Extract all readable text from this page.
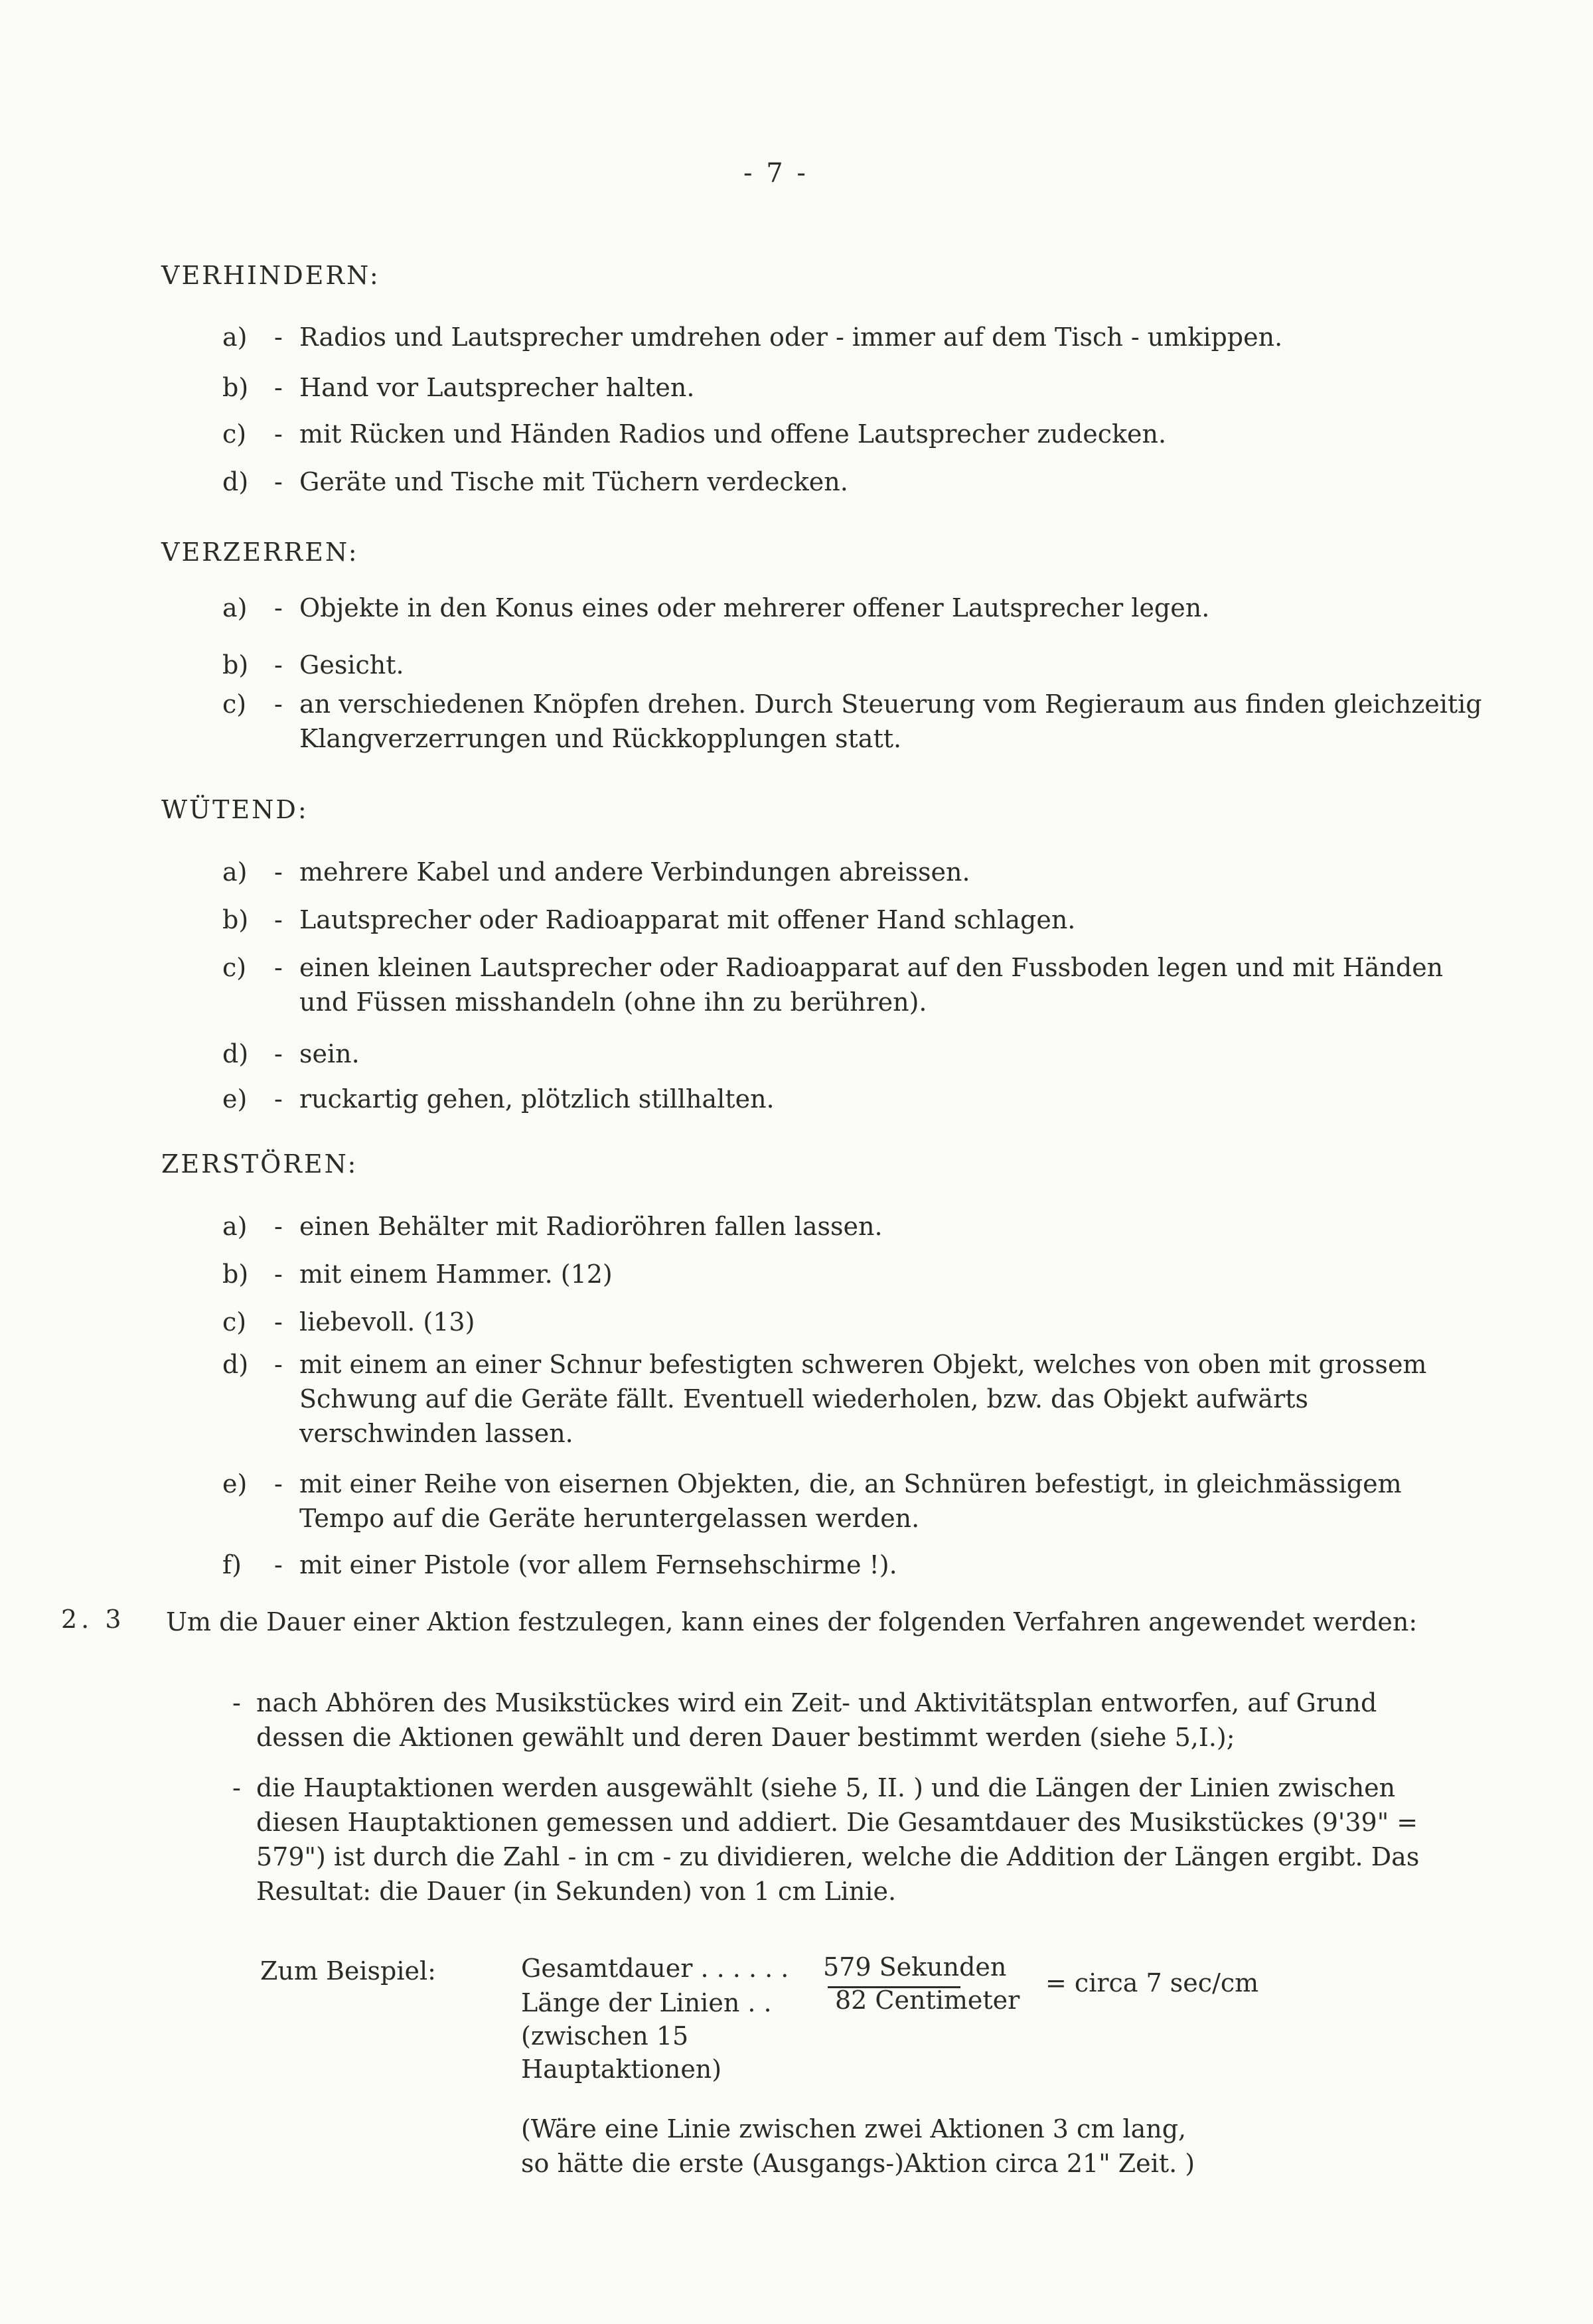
- 7 -
VERHINDERN:
a)	- Radios und Lautsprecher umdrehen oder - immer auf dem Tisch - umkippen.
b)	- Hand vor Lautsprecher halten.
c)	- mit Rücken und Händen Radios und offene Lautsprecher zudecken.
d)	- Geräte und Tische mit Tüchern verdecken.
VERZERREN:
a)	- Objekte in den Konus eines oder mehrerer offener Lautsprecher legen.
b)	- Gesicht.
c)	- an verschiedenen Knöpfen drehen. Durch Steuerung vom Regieraum aus finden gleichzeitig Klangverzerrungen und Rückkopplungen statt.
WÜTEND:
a)	- mehrere Kabel und andere Verbindungen abreissen.
b)	- Lautsprecher oder Radioapparat mit offener Hand schlagen.
c)	- einen kleinen Lautsprecher oder Radioapparat auf den Fussboden legen und mit Händen und Füssen misshandeln (ohne ihn zu berühren).
d)	- sein.
e)	- ruckartig gehen, plötzlich stillhalten.
ZERSTÖREN:
a)	- einen Behälter mit Radioröhren fallen lassen.
b)	- mit einem Hammer. (12)
c)	- liebevoll. (13)
d)	- mit einem an einer Schnur befestigten schweren Objekt, welches von oben mit grossem Schwung auf die Geräte fällt. Eventuell wiederholen, bzw. das Objekt aufwärts verschwinden lassen.
e)	- mit einer Reihe von eisernen Objekten, die, an Schnüren befestigt, in gleichmässigem Tempo auf die Geräte heruntergelassen werden.
f)	- mit einer Pistole (vor allem Fernsehschirme !).
2. 3 Um die Dauer einer Aktion festzulegen, kann eines der folgenden Verfahren angewendet werden:
- nach Abhören des Musikstückes wird ein Zeit- und Aktivitätsplan entworfen, auf Grund dessen die Aktionen gewählt und deren Dauer bestimmt werden (siehe 5,I.);
- die Hauptaktionen werden ausgewählt (siehe 5, II. ) und die Längen der Linien zwischen diesen Hauptaktionen gemessen und addiert. Die Gesamtdauer des Musikstückes (9'39" = 579") ist durch die Zahl - in cm - zu dividieren, welche die Addition der Längen ergibt. Das Resultat: die Dauer (in Sekunden) von 1 cm Linie.
Zum Beispiel:	Gesamtdauer . . . . . . 579 Sekunden
Länge der Linien . .	82 Centimeter
= circa 7 sec/cm
(zwischen 15
Hauptaktionen)
(Wäre eine Linie zwischen zwei Aktionen 3 cm lang,
so hätte die erste (Ausgangs-)Aktion circa 21" Zeit. )
